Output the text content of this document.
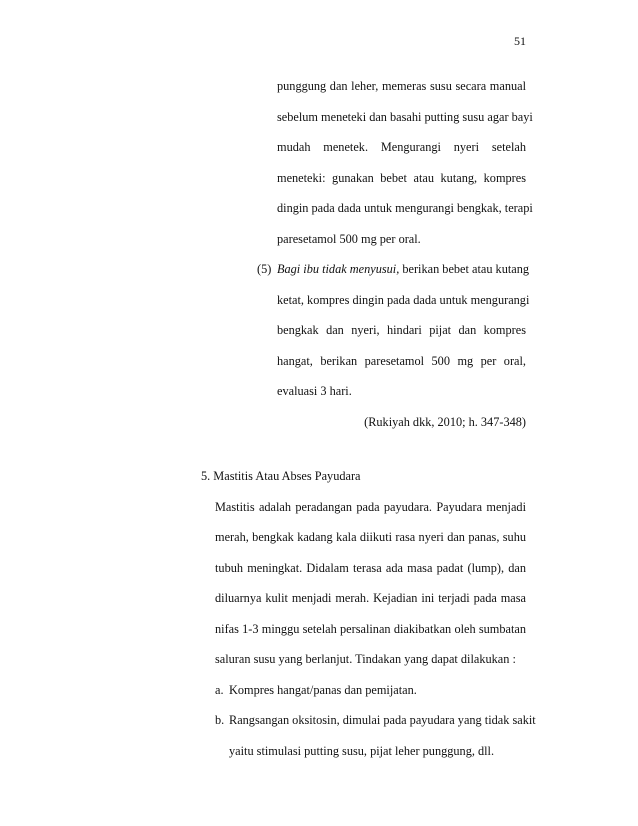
51
punggung dan leher, memeras susu secara manual
sebelum meneteki dan basahi putting susu agar bayi
mudah menetek. Mengurangi nyeri setelah
meneteki: gunakan bebet atau kutang, kompres
dingin pada dada untuk mengurangi bengkak, terapi
paresetamol 500 mg per oral.
(5) Bagi ibu tidak menyusui, berikan bebet atau kutang
ketat, kompres dingin pada dada untuk mengurangi
bengkak dan nyeri, hindari pijat dan kompres
hangat, berikan paresetamol 500 mg per oral,
evaluasi 3 hari.
(Rukiyah dkk, 2010; h. 347-348)
5. Mastitis Atau Abses Payudara
Mastitis adalah peradangan pada payudara. Payudara menjadi
merah, bengkak kadang kala diikuti rasa nyeri dan panas, suhu
tubuh meningkat. Didalam terasa ada masa padat (lump), dan
diluarnya kulit menjadi merah. Kejadian ini terjadi pada masa
nifas 1-3 minggu setelah persalinan diakibatkan oleh sumbatan
saluran susu yang berlanjut. Tindakan yang dapat dilakukan :
a. Kompres hangat/panas dan pemijatan.
b. Rangsangan oksitosin, dimulai pada payudara yang tidak sakit
yaitu stimulasi putting susu, pijat leher punggung, dll.
